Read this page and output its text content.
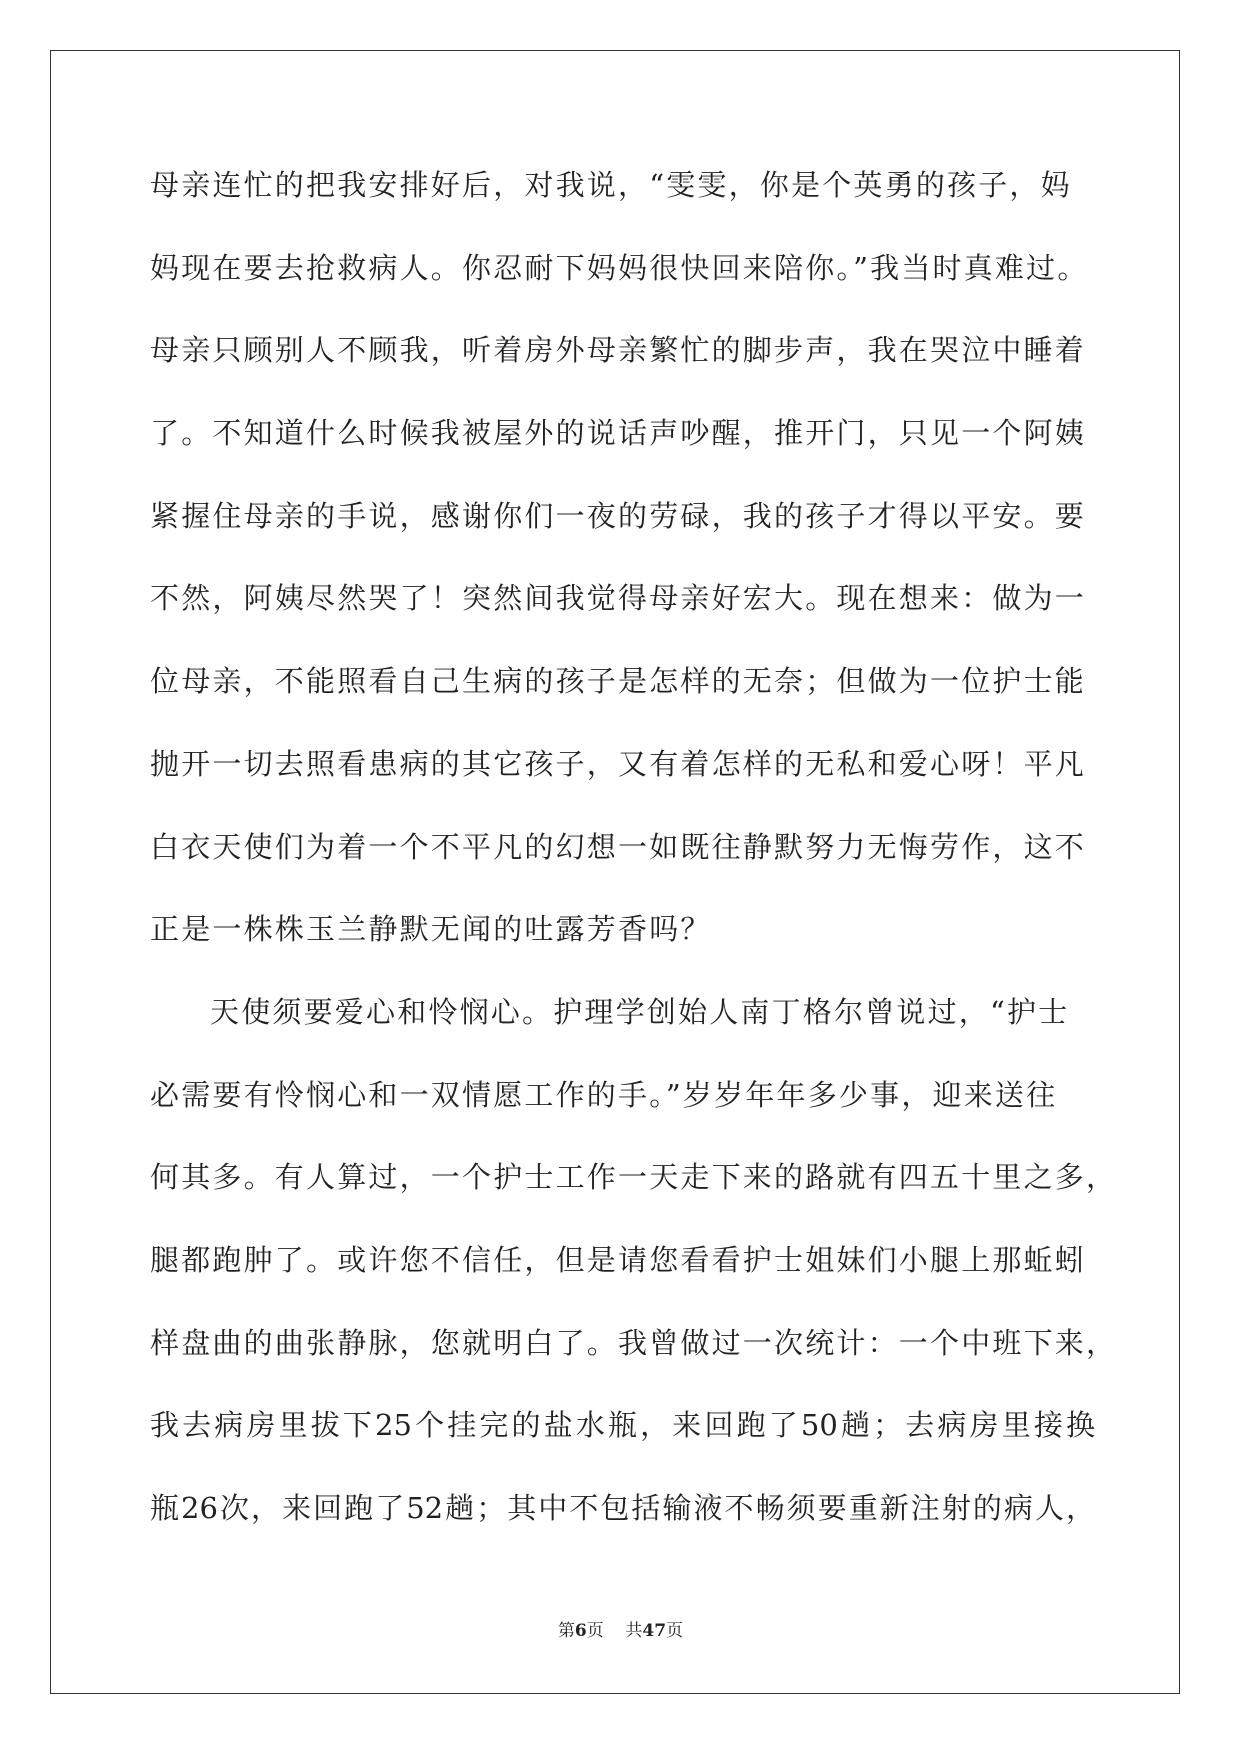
母亲连忙的把我安排好后，对我说，“雯雯，你是个英勇的孩子，妈
妈现在要去抢救病人。你忍耐下妈妈很快回来陪你。”我当时真难过。
母亲只顾别人不顾我，听着房外母亲繁忙的脚步声，我在哭泣中睡着
了。不知道什么时候我被屋外的说话声吵醒，推开门，只见一个阿姨
紧握住母亲的手说，感谢你们一夜的劳碌，我的孩子才得以平安。要
不然，阿姨尽然哭了！突然间我觉得母亲好宏大。现在想来：做为一
位母亲，不能照看自己生病的孩子是怎样的无奈；但做为一位护士能
抛开一切去照看患病的其它孩子，又有着怎样的无私和爱心呀！平凡
白衣天使们为着一个不平凡的幻想一如既往静默努力无悔劳作，这不
正是一株株玉兰静默无闻的吐露芳香吗？
天使须要爱心和怜悯心。护理学创始人南丁格尔曾说过，“护士
必需要有怜悯心和一双情愿工作的手。”岁岁年年多少事，迎来送往
何其多。有人算过，一个护士工作一天走下来的路就有四五十里之多，
腿都跑肿了。或许您不信任，但是请您看看护士姐妹们小腿上那蚯蚓
样盘曲的曲张静脉，您就明白了。我曾做过一次统计：一个中班下来，
我去病房里拔下25个挂完的盐水瓶，来回跑了50趟；去病房里接换
瓶26次，来回跑了52趟；其中不包括输液不畅须要重新注射的病人，
第6页 共47页
